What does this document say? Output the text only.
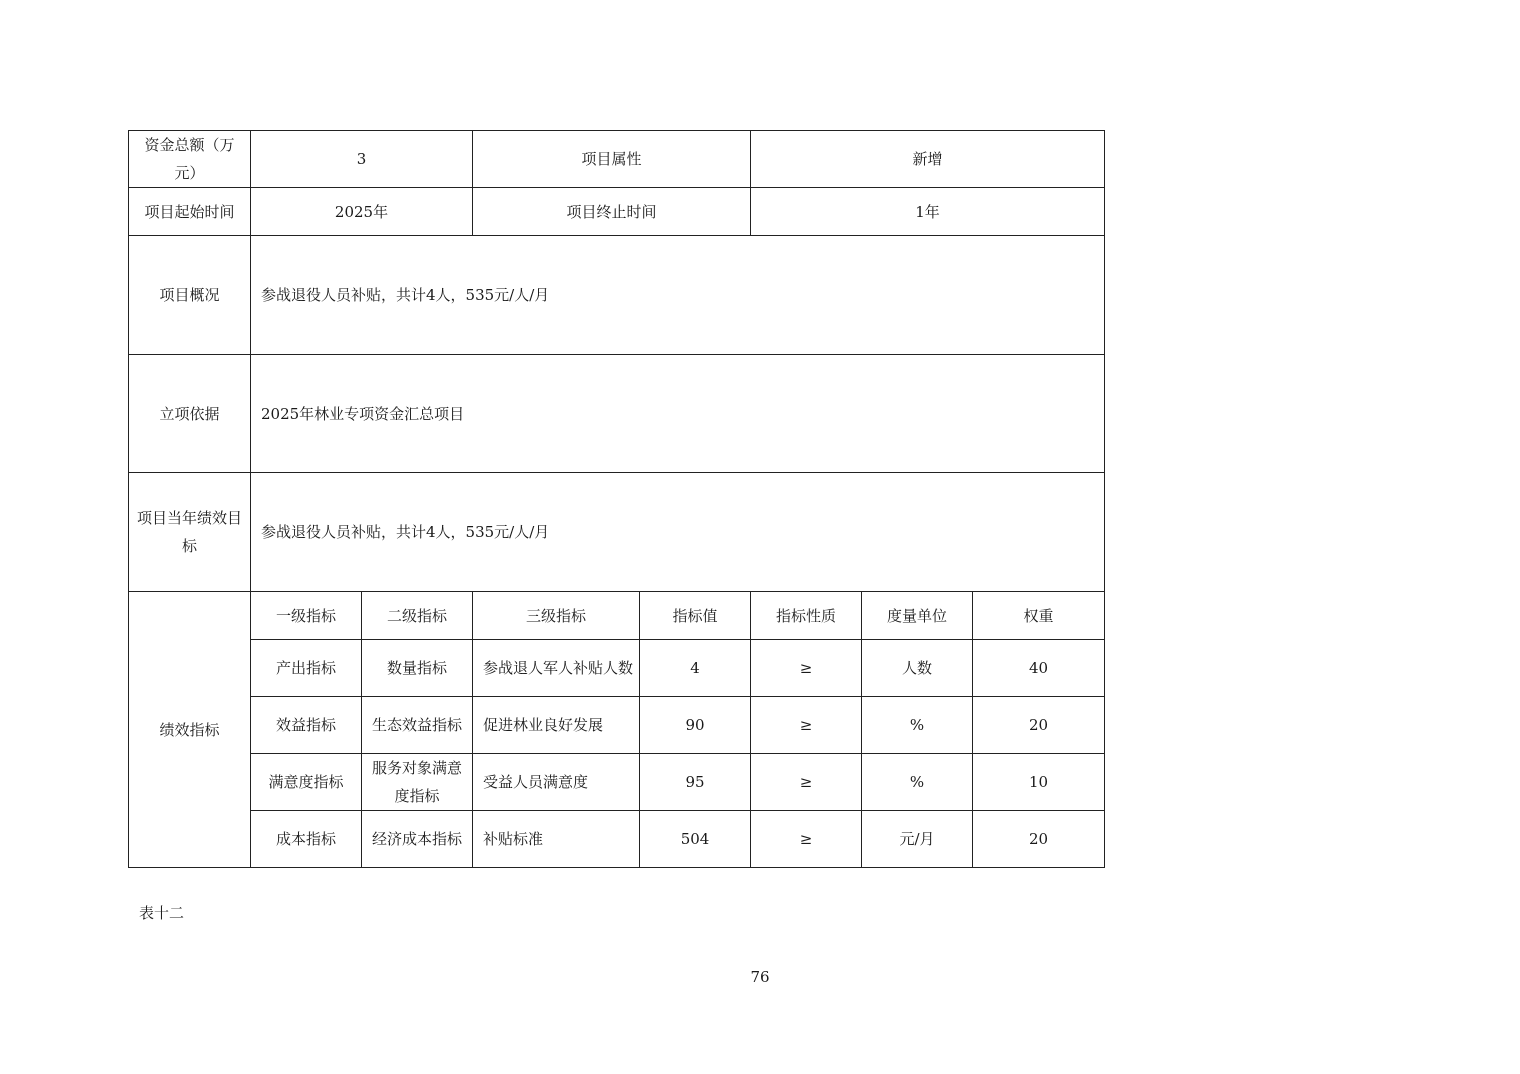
资金总额（万元）	3		项目属性		新增		
项目起始时间	2025年		项目终止时间		1年		
项目概况	参战退役人员补贴，共计4人，535元/人/月						
立项依据	2025年林业专项资金汇总项目						
项目当年绩效目标	参战退役人员补贴，共计4人，535元/人/月						
绩效指标	一级指标	二级指标	三级指标	指标值	指标性质	度量单位	权重
	产出指标	数量指标	参战退人军人补贴人数	4	≥	人数	40
	效益指标	生态效益指标	促进林业良好发展	90	≥	%	20
	满意度指标	服务对象满意度指标	受益人员满意度	95	≥	%	10
	成本指标	经济成本指标	补贴标准	504	≥	元/月	20
表十二
76
